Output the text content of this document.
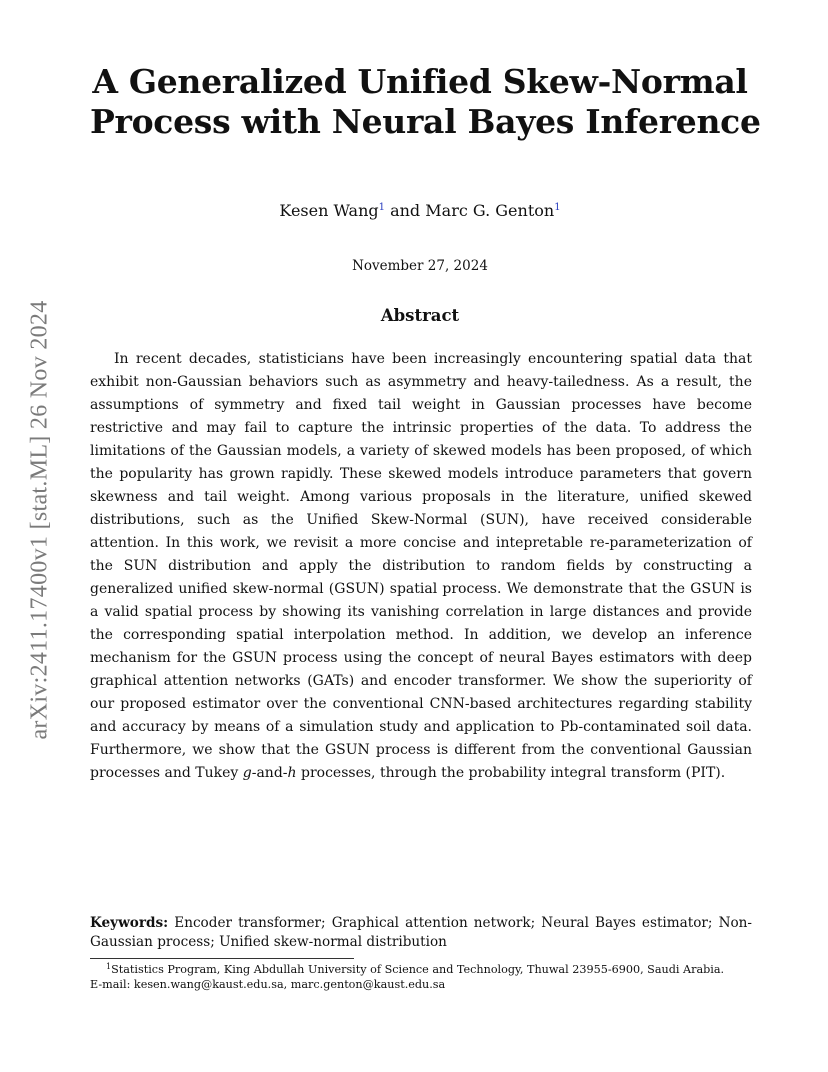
arXiv:2411.17400v1 [stat.ML] 26 Nov 2024
A Generalized Unified Skew-Normal
Process with Neural Bayes Inference
Kesen Wang$^1$ and Marc G. Genton$^1$
November 27, 2024
Abstract

In recent decades, statisticians have been increasingly encountering spatial data that exhibit non-Gaussian behaviors such as asymmetry and heavy-tailedness. As a result, the assumptions of symmetry and fixed tail weight in Gaussian processes have become restrictive and may fail to capture the intrinsic properties of the data. To address the limitations of the Gaussian models, a variety of skewed models has been proposed, of which the popularity has grown rapidly. These skewed models introduce parameters that govern skewness and tail weight. Among various proposals in the literature, unified skewed distributions, such as the Unified Skew-Normal (SUN), have received considerable attention. In this work, we revisit a more concise and intepretable re-parameterization of the SUN distribution and apply the distribution to random fields by constructing a generalized unified skew-normal (GSUN) spatial process. We demonstrate that the GSUN is a valid spatial process by showing its vanishing correlation in large distances and provide the corresponding spatial interpolation method. In addition, we develop an inference mechanism for the GSUN process using the concept of neural Bayes estimators with deep graphical attention networks (GATs) and encoder transformer. We show the superiority of our proposed estimator over the conventional CNN-based architectures regarding stability and accuracy by means of a simulation study and application to Pb-contaminated soil data. Furthermore, we show that the GSUN process is different from the conventional Gaussian processes and Tukey g-and-h processes, through the probability integral transform (PIT).

Keywords: Encoder transformer; Graphical attention network; Neural Bayes estimator; Non-Gaussian process; Unified skew-normal distribution
$^1$Statistics Program, King Abdullah University of Science and Technology, Thuwal 23955-6900, Saudi Arabia.
E-mail: kesen.wang@kaust.edu.sa, marc.genton@kaust.edu.sa
